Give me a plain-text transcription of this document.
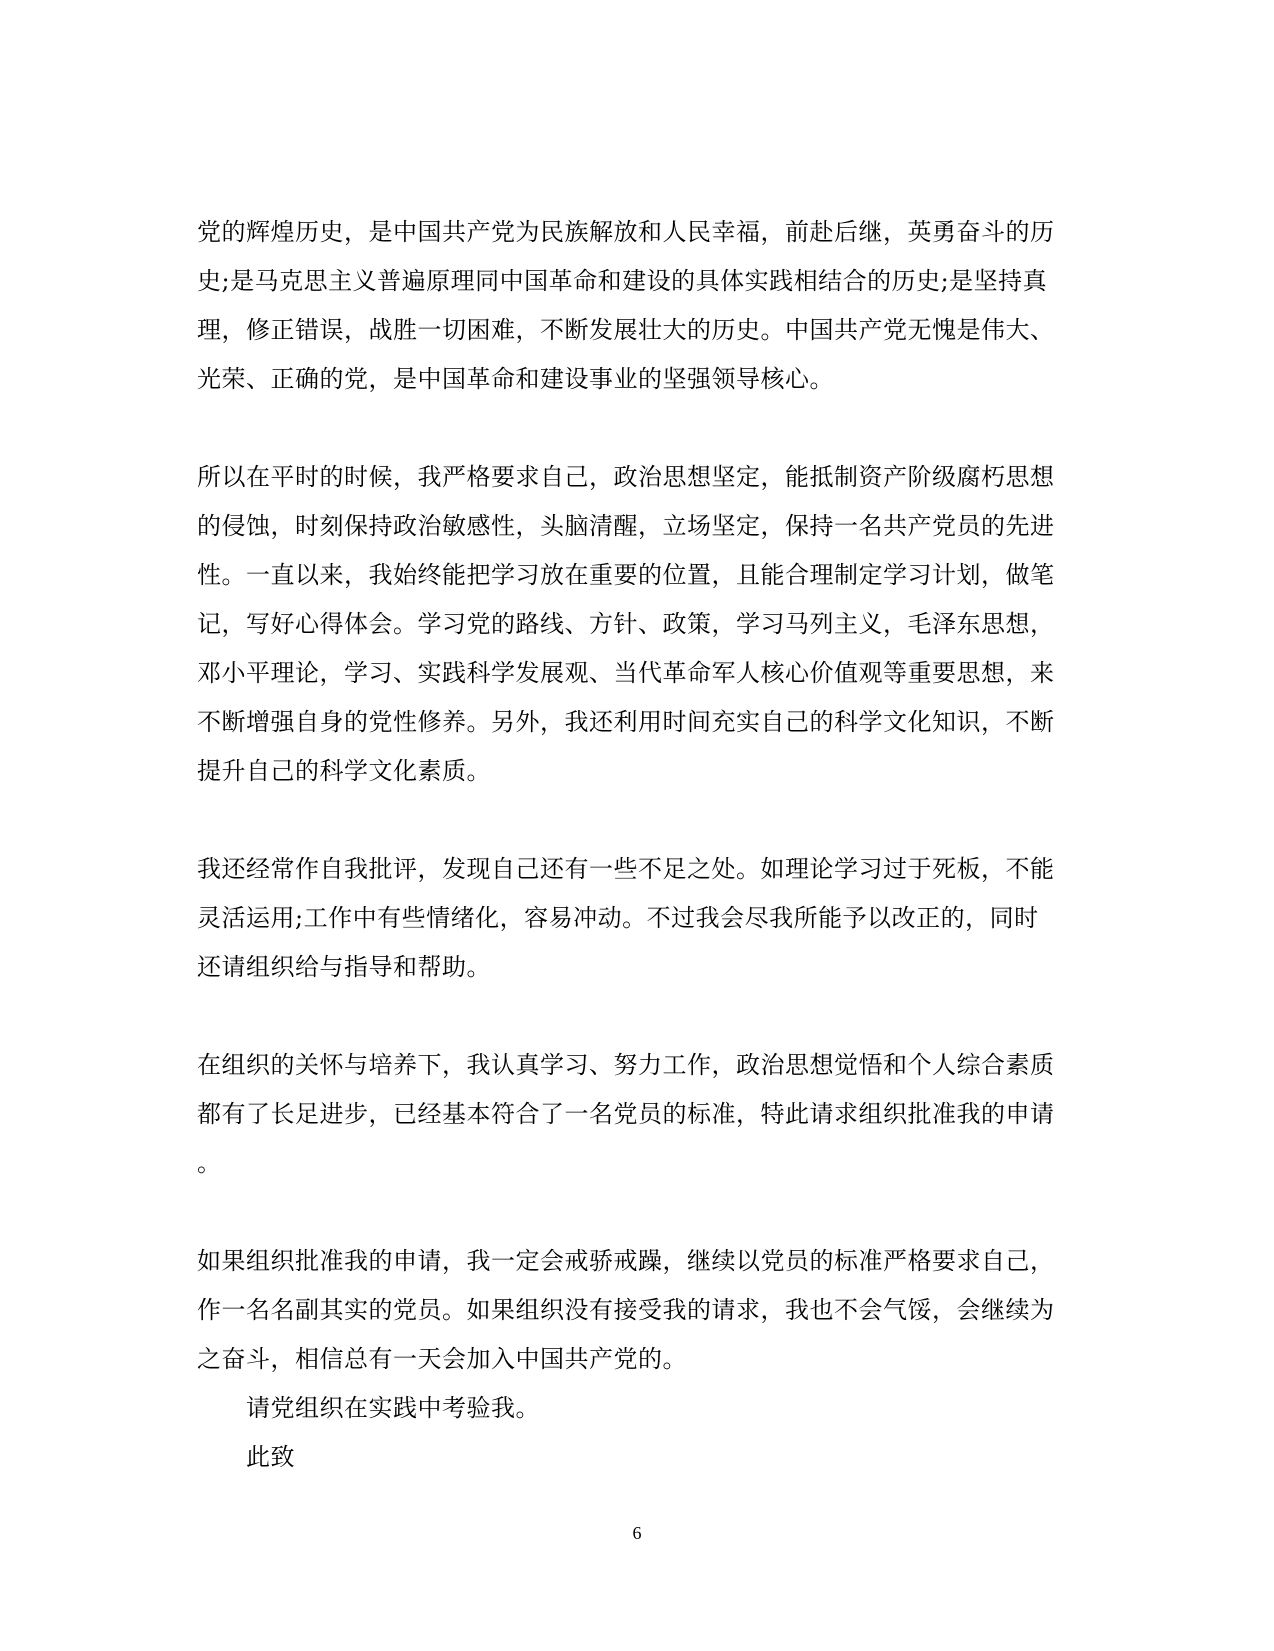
党的辉煌历史，是中国共产党为民族解放和人民幸福，前赴后继，英勇奋斗的历
史;是马克思主义普遍原理同中国革命和建设的具体实践相结合的历史;是坚持真
理，修正错误，战胜一切困难，不断发展壮大的历史。中国共产党无愧是伟大、
光荣、正确的党，是中国革命和建设事业的坚强领导核心。

所以在平时的时候，我严格要求自己，政治思想坚定，能抵制资产阶级腐朽思想
的侵蚀，时刻保持政治敏感性，头脑清醒，立场坚定，保持一名共产党员的先进
性。一直以来，我始终能把学习放在重要的位置，且能合理制定学习计划，做笔
记，写好心得体会。学习党的路线、方针、政策，学习马列主义，毛泽东思想，
邓小平理论，学习、实践科学发展观、当代革命军人核心价值观等重要思想，来
不断增强自身的党性修养。另外，我还利用时间充实自己的科学文化知识，不断
提升自己的科学文化素质。

我还经常作自我批评，发现自己还有一些不足之处。如理论学习过于死板，不能
灵活运用;工作中有些情绪化，容易冲动。不过我会尽我所能予以改正的，同时
还请组织给与指导和帮助。

在组织的关怀与培养下，我认真学习、努力工作，政治思想觉悟和个人综合素质
都有了长足进步，已经基本符合了一名党员的标准，特此请求组织批准我的申请
。

如果组织批准我的申请，我一定会戒骄戒躁，继续以党员的标准严格要求自己，
作一名名副其实的党员。如果组织没有接受我的请求，我也不会气馁，会继续为
之奋斗，相信总有一天会加入中国共产党的。

请党组织在实践中考验我。

此致

6
